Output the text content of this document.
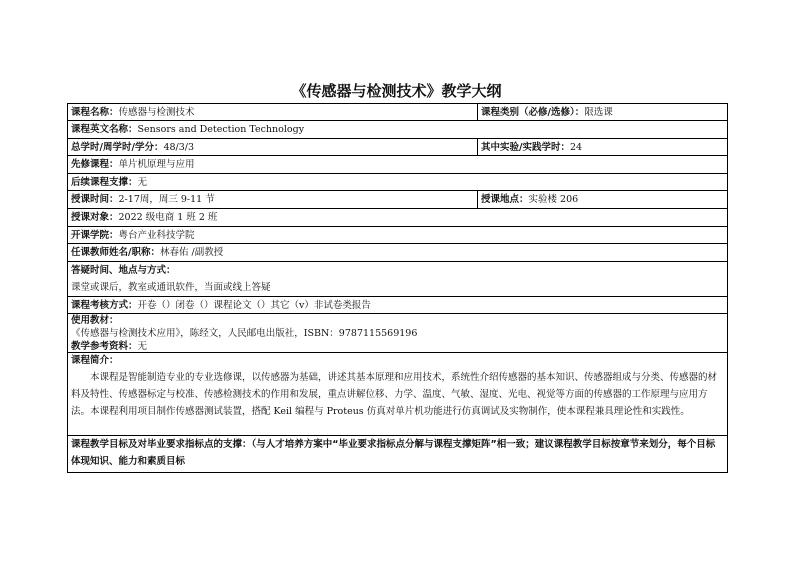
《传感器与检测技术》教学大纲
课程名称：传感器与检测技术	课程类别（必修/选修）：限选课
课程英文名称：Sensors and Detection Technology
总学时/周学时/学分：48/3/3	其中实验/实践学时：24
先修课程：单片机原理与应用
后续课程支撑：无
授课时间：2-17周，周三 9-11 节	授课地点：实验楼 206
授课对象：2022 级电商 1 班 2 班
开课学院：粤台产业科技学院
任课教师姓名/职称：林春佑 /副教授
答疑时间、地点与方式：
课堂或课后，教室或通讯软件，当面或线上答疑
课程考核方式：开卷（）闭卷（）课程论文（）其它（v）非试卷类报告
使用教材：
《传感器与检测技术应用》，陈经文，人民邮电出版社，ISBN：9787115569196
教学参考资料：无
课程简介：
本课程是智能制造专业的专业选修课，以传感器为基础，讲述其基本原理和应用技术，系统性介绍传感器的基本知识、传感器组成与分类、传感器的材料及特性、传感器标定与校准、传感检测技术的作用和发展，重点讲解位移、力学、温度、气敏、湿度、光电、视觉等方面的传感器的工作原理与应用方法。本课程利用项目制作传感器测试装置，搭配 Keil 编程与 Proteus 仿真对单片机功能进行仿真调试及实物制作，使本课程兼具理论性和实践性。
课程教学目标及对毕业要求指标点的支撑：（与人才培养方案中“毕业要求指标点分解与课程支撑矩阵”相一致；建议课程教学目标按章节来划分，每个目标体现知识、能力和素质目标
